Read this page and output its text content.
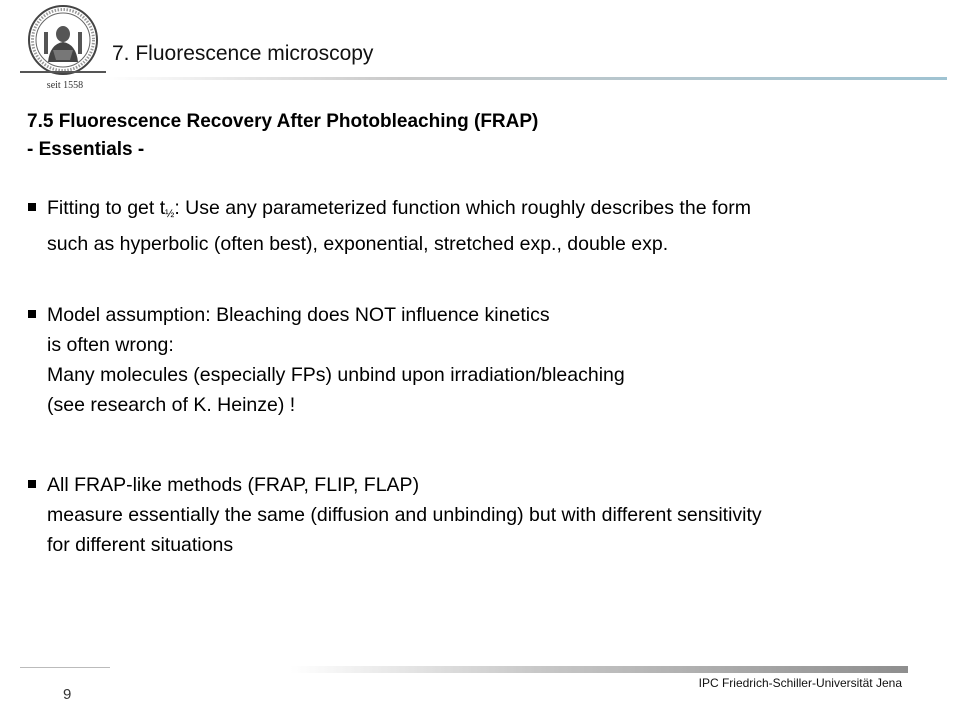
seit 1558
7. Fluorescence microscopy
7.5 Fluorescence Recovery After Photobleaching (FRAP)
- Essentials -
Fitting to get $t_{\frac{1}{2}}$: Use any parameterized function which roughly describes the form
such as hyperbolic (often best), exponential, stretched exp., double exp.
Model assumption: Bleaching does NOT influence kinetics
is often wrong:
Many molecules (especially FPs) unbind upon irradiation/bleaching
(see research of K. Heinze) !
All FRAP-like methods (FRAP, FLIP, FLAP)
measure essentially the same (diffusion and unbinding) but with different sensitivity
for different situations
9
IPC Friedrich-Schiller-Universität Jena
